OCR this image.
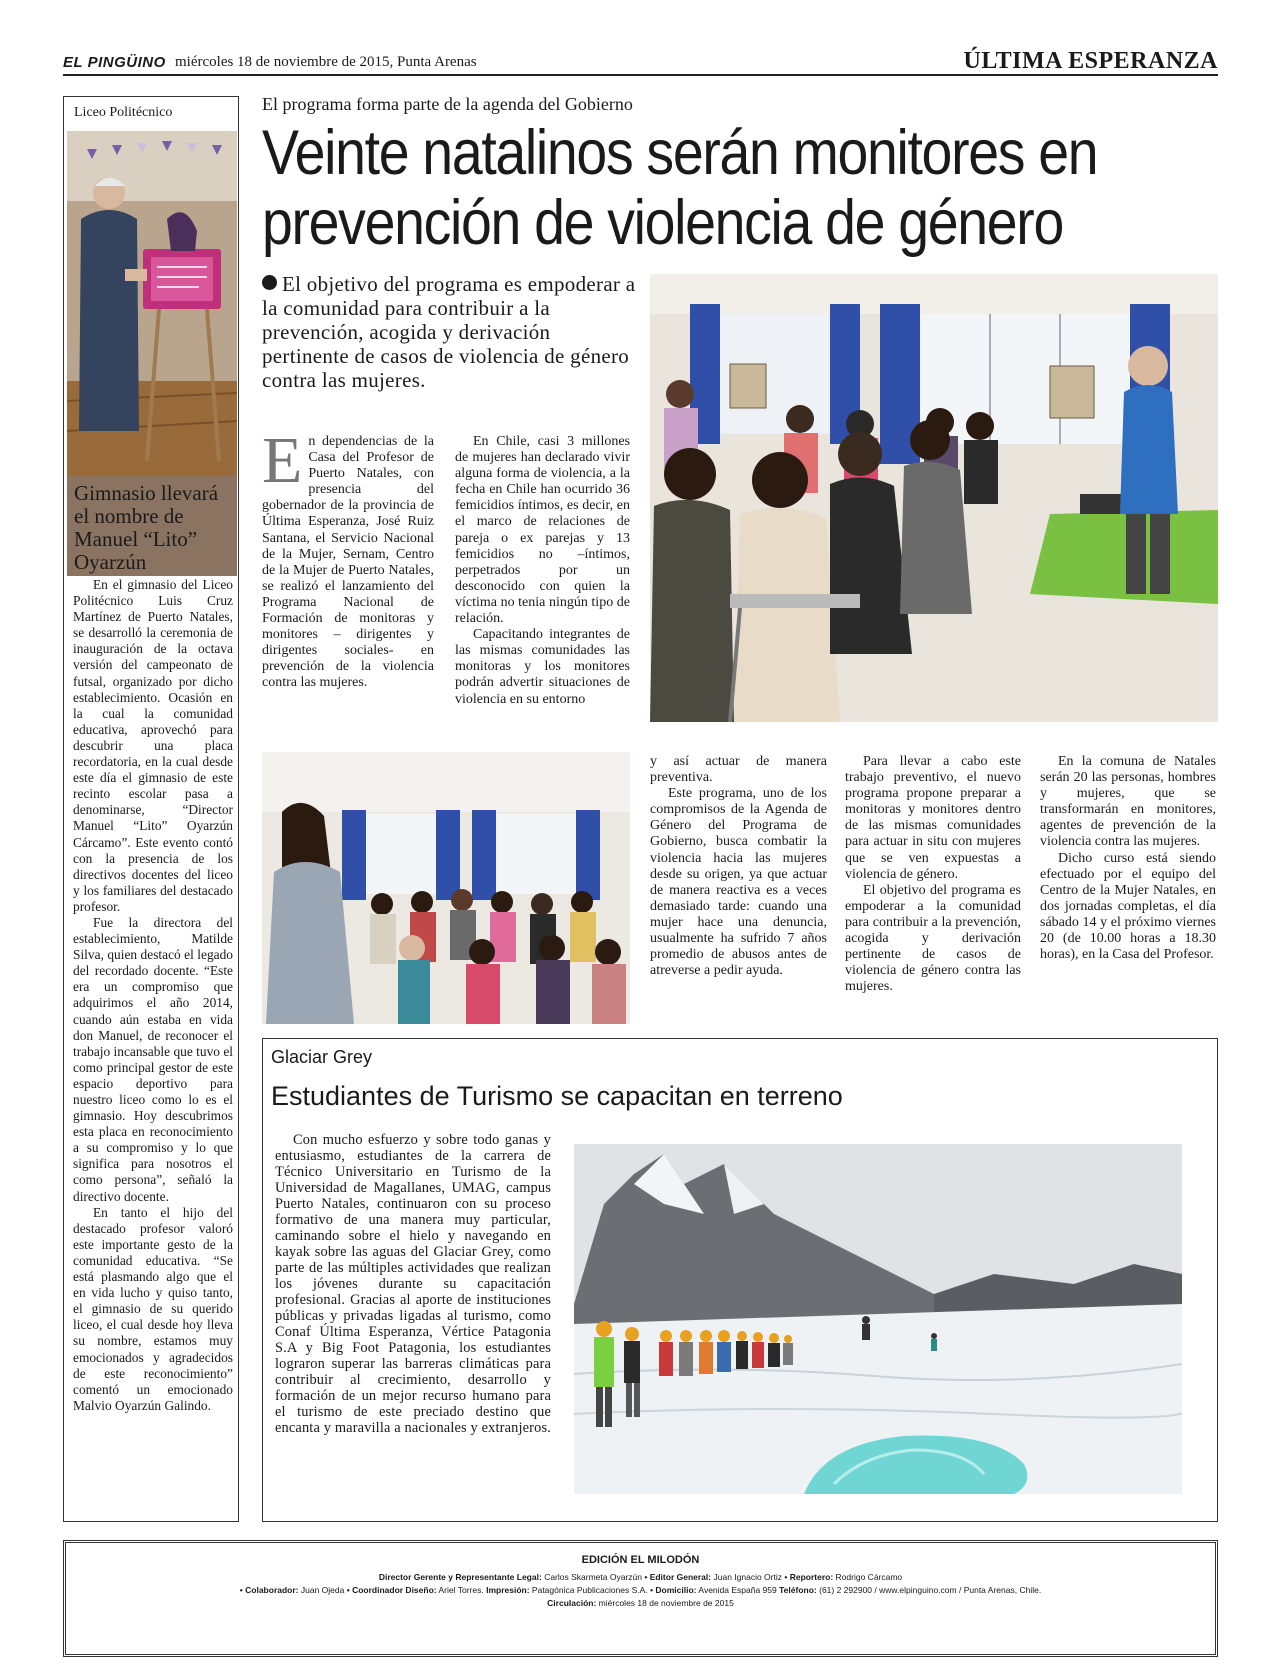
EL PINGÜINO miércoles 18 de noviembre de 2015, Punta Arenas	ÚLTIMA ESPERANZA
Liceo Politécnico
Gimnasio llevará el nombre de Manuel “Lito” Oyarzún

En el gimnasio del Liceo Politécnico Luis Cruz Martínez de Puerto Natales, se desarrolló la ceremonia de inauguración de la octava versión del campeonato de futsal, organizado por dicho establecimiento. Ocasión en la cual la comunidad educativa, aprovechó para descubrir una placa recordatoria, en la cual desde este día el gimnasio de este recinto escolar pasa a denominarse, “Director Manuel “Lito” Oyarzún Cárcamo”. Este evento contó con la presencia de los directivos docentes del liceo y los familiares del destacado profesor.

Fue la directora del establecimiento, Matilde Silva, quien destacó el legado del recordado docente. “Este era un compromiso que adquirimos el año 2014, cuando aún estaba en vida don Manuel, de reconocer el trabajo incansable que tuvo el como principal gestor de este espacio deportivo para nuestro liceo como lo es el gimnasio. Hoy descubrimos esta placa en reconocimiento a su compromiso y lo que significa para nosotros el como persona”, señaló la directivo docente.

En tanto el hijo del destacado profesor valoró este importante gesto de la comunidad educativa. “Se está plasmando algo que el en vida lucho y quiso tanto, el gimnasio de su querido liceo, el cual desde hoy lleva su nombre, estamos muy emocionados y agradecidos de este reconocimiento” comentó un emocionado Malvio Oyarzún Galindo.

El programa forma parte de la agenda del Gobierno
Veinte natalinos serán monitores en
prevención de violencia de género
El objetivo del programa es empoderar a la comunidad para contribuir a la prevención, acogida y derivación pertinente de casos de violencia de género contra las mujeres.
En dependencias de la Casa del Profesor de Puerto Natales, con presencia del gobernador de la provincia de Última Esperanza, José Ruiz Santana, el Servicio Nacional de la Mujer, Sernam, Centro de la Mujer de Puerto Natales, se realizó el lanzamiento del Programa Nacional de Formación de monitoras y monitores – dirigentes y dirigentes sociales- en prevención de la violencia contra las mujeres.

En Chile, casi 3 millones de mujeres han declarado vivir alguna forma de violencia, a la fecha en Chile han ocurrido 36 femicidios íntimos, es decir, en el marco de relaciones de pareja o ex parejas y 13 femicidios no –íntimos, perpetrados por un desconocido con quien la víctima no tenia ningún tipo de relación.

Capacitando integrantes de las mismas comunidades las monitoras y los monitores podrán advertir situaciones de violencia en su entorno

y así actuar de manera preventiva.

Este programa, uno de los compromisos de la Agenda de Género del Programa de Gobierno, busca combatir la violencia hacia las mujeres desde su origen, ya que actuar de manera reactiva es a veces demasiado tarde: cuando una mujer hace una denuncia, usualmente ha sufrido 7 años promedio de abusos antes de atreverse a pedir ayuda.

Para llevar a cabo este trabajo preventivo, el nuevo programa propone preparar a monitoras y monitores dentro de las mismas comunidades para actuar in situ con mujeres que se ven expuestas a violencia de género.

El objetivo del programa es empoderar a la comunidad para contribuir a la prevención, acogida y derivación pertinente de casos de violencia de género contra las mujeres.

En la comuna de Natales serán 20 las personas, hombres y mujeres, que se transformarán en monitores, agentes de prevención de la violencia contra las mujeres.

Dicho curso está siendo efectuado por el equipo del Centro de la Mujer Natales, en dos jornadas completas, el día sábado 14 y el próximo viernes 20 (de 10.00 horas a 18.30 horas), en la Casa del Profesor.

Glaciar Grey
Estudiantes de Turismo se capacitan en terreno

Con mucho esfuerzo y sobre todo ganas y entusiasmo, estudiantes de la carrera de Técnico Universitario en Turismo de la Universidad de Magallanes, UMAG, campus Puerto Natales, continuaron con su proceso formativo de una manera muy particular, caminando sobre el hielo y navegando en kayak sobre las aguas del Glaciar Grey, como parte de las múltiples actividades que realizan los jóvenes durante su capacitación profesional. Gracias al aporte de instituciones públicas y privadas ligadas al turismo, como Conaf Última Esperanza, Vértice Patagonia S.A y Big Foot Patagonia, los estudiantes lograron superar las barreras climáticas para contribuir al crecimiento, desarrollo y formación de un mejor recurso humano para el turismo de este preciado destino que encanta y maravilla a nacionales y extranjeros.

EDICIÓN EL MILODÓN
Director Gerente y Representante Legal: Carlos Skarmeta Oyarzún • Editor General: Juan Ignacio Ortiz • Reportero: Rodrigo Cárcamo
• Colaborador: Juan Ojeda • Coordinador Diseño: Ariel Torres. Impresión: Patagónica Publicaciones S.A. • Domicilio: Avenida España 959 Teléfono: (61) 2 292900 / www.elpinguino.com / Punta Arenas, Chile.
Circulación: miércoles 18 de noviembre de 2015
